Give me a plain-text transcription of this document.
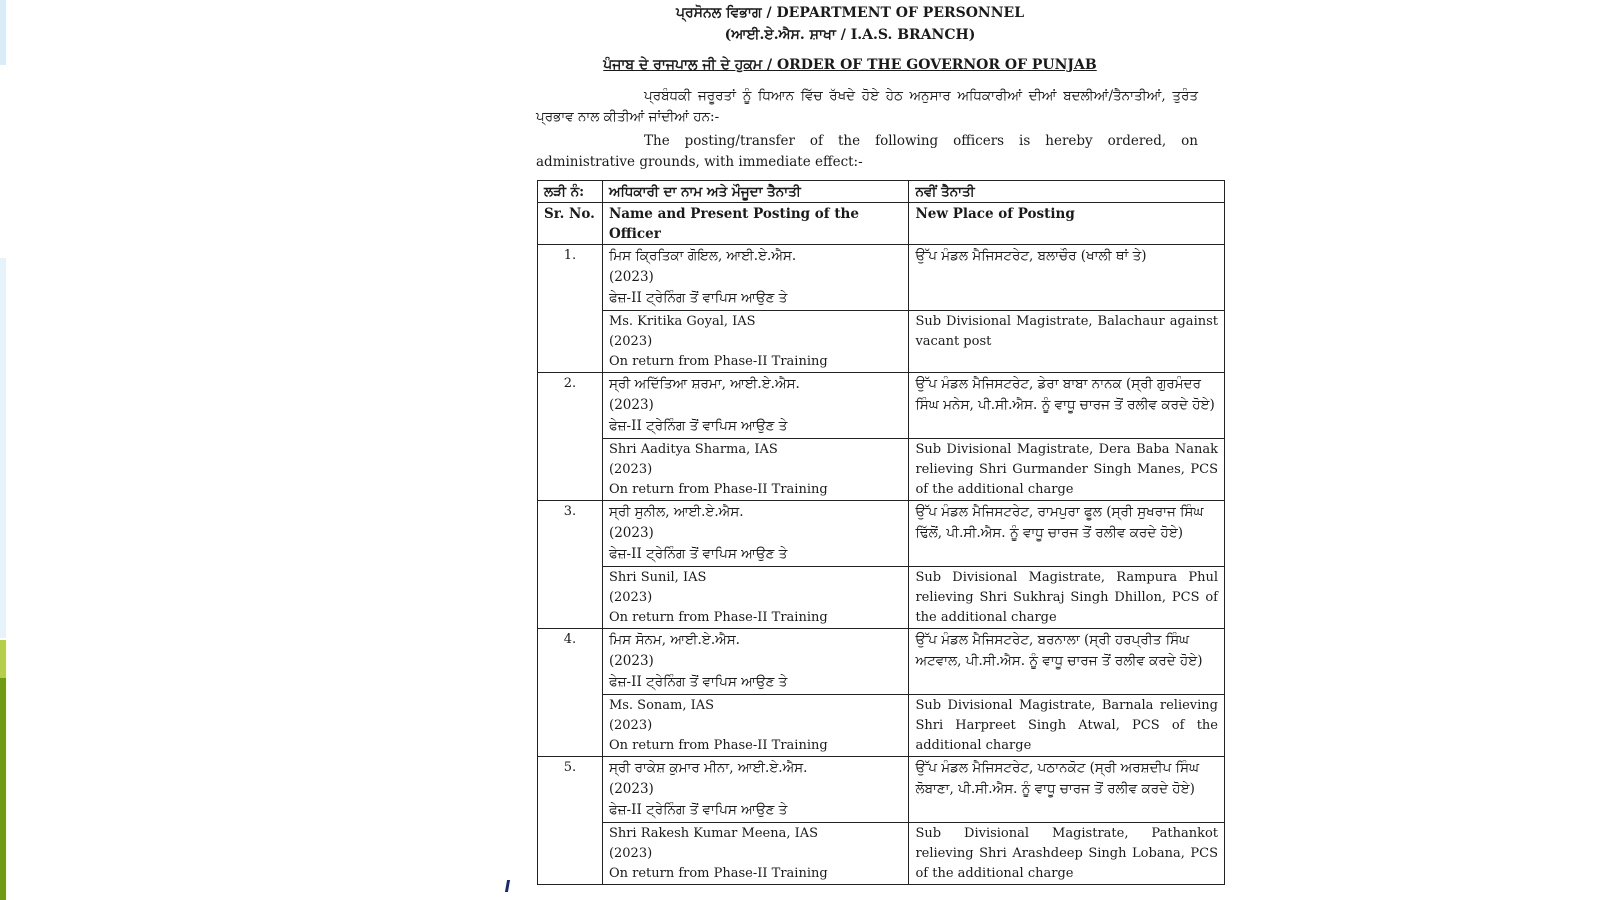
ਪ੍ਰਸੋਨਲ ਵਿਭਾਗ / DEPARTMENT OF PERSONNEL
(ਆਈ.ਏ.ਐਸ. ਸ਼ਾਖਾ / I.A.S. BRANCH)
ਪੰਜਾਬ ਦੇ ਰਾਜਪਾਲ ਜੀ ਦੇ ਹੁਕਮ / ORDER OF THE GOVERNOR OF PUNJAB
ਪ੍ਰਬੰਧਕੀ ਜਰੂਰਤਾਂ ਨੂੰ ਧਿਆਨ ਵਿੱਚ ਰੱਖਦੇ ਹੋਏ ਹੇਠ ਅਨੁਸਾਰ ਅਧਿਕਾਰੀਆਂ ਦੀਆਂ ਬਦਲੀਆਂ/ਤੈਨਾਤੀਆਂ, ਤੁਰੰਤ ਪ੍ਰਭਾਵ ਨਾਲ ਕੀਤੀਆਂ ਜਾਂਦੀਆਂ ਹਨ:-
The posting/transfer of the following officers is hereby ordered, on administrative grounds, with immediate effect:-
ਲੜੀ ਨੰ:	ਅਧਿਕਾਰੀ ਦਾ ਨਾਮ ਅਤੇ ਮੌਜੂਦਾ ਤੈਨਾਤੀ	ਨਵੀਂ ਤੈਨਾਤੀ
Sr. No.	Name and Present Posting of the Officer	New Place of Posting
1.	ਮਿਸ ਕ੍ਰਿਤਿਕਾ ਗੋਇਲ, ਆਈ.ਏ.ਐਸ.
(2023)
ਫੇਜ਼-II ਟ੍ਰੇਨਿੰਗ ਤੋਂ ਵਾਪਿਸ ਆਉਣ ਤੇ	ਉੱਪ ਮੰਡਲ ਮੈਜਿਸਟਰੇਟ, ਬਲਾਚੌਰ (ਖਾਲੀ ਥਾਂ ਤੇ)

	Ms. Kritika Goyal, IAS
(2023)
On return from Phase-II Training	Sub Divisional Magistrate, Balachaur against vacant post
2.	ਸ੍ਰੀ ਅਦਿੱਤਿਆ ਸ਼ਰਮਾ, ਆਈ.ਏ.ਐਸ.
(2023)
ਫੇਜ਼-II ਟ੍ਰੇਨਿੰਗ ਤੋਂ ਵਾਪਿਸ ਆਉਣ ਤੇ	ਉੱਪ ਮੰਡਲ ਮੈਜਿਸਟਰੇਟ, ਡੇਰਾ ਬਾਬਾ ਨਾਨਕ (ਸ੍ਰੀ ਗੁਰਮੰਦਰ ਸਿੰਘ ਮਨੇਸ, ਪੀ.ਸੀ.ਐਸ. ਨੂੰ ਵਾਧੂ ਚਾਰਜ ਤੋਂ ਰਲੀਵ ਕਰਦੇ ਹੋਏ)

	Shri Aaditya Sharma, IAS
(2023)
On return from Phase-II Training	Sub Divisional Magistrate, Dera Baba Nanak relieving Shri Gurmander Singh Manes, PCS of the additional charge
3.	ਸ੍ਰੀ ਸੁਨੀਲ, ਆਈ.ਏ.ਐਸ.
(2023)
ਫੇਜ਼-II ਟ੍ਰੇਨਿੰਗ ਤੋਂ ਵਾਪਿਸ ਆਉਣ ਤੇ	ਉੱਪ ਮੰਡਲ ਮੈਜਿਸਟਰੇਟ, ਰਾਮਪੁਰਾ ਫੂਲ (ਸ੍ਰੀ ਸੁਖਰਾਜ ਸਿੰਘ ਢਿੱਲੋਂ, ਪੀ.ਸੀ.ਐਸ. ਨੂੰ ਵਾਧੂ ਚਾਰਜ ਤੋਂ ਰਲੀਵ ਕਰਦੇ ਹੋਏ)

	Shri Sunil, IAS
(2023)
On return from Phase-II Training	Sub Divisional Magistrate, Rampura Phul relieving Shri Sukhraj Singh Dhillon, PCS of the additional charge
4.	ਮਿਸ ਸੋਨਮ, ਆਈ.ਏ.ਐਸ.
(2023)
ਫੇਜ਼-II ਟ੍ਰੇਨਿੰਗ ਤੋਂ ਵਾਪਿਸ ਆਉਣ ਤੇ	ਉੱਪ ਮੰਡਲ ਮੈਜਿਸਟਰੇਟ, ਬਰਨਾਲਾ (ਸ੍ਰੀ ਹਰਪ੍ਰੀਤ ਸਿੰਘ ਅਟਵਾਲ, ਪੀ.ਸੀ.ਐਸ. ਨੂੰ ਵਾਧੂ ਚਾਰਜ ਤੋਂ ਰਲੀਵ ਕਰਦੇ ਹੋਏ)

	Ms. Sonam, IAS
(2023)
On return from Phase-II Training	Sub Divisional Magistrate, Barnala relieving Shri Harpreet Singh Atwal, PCS of the additional charge
5.	ਸ੍ਰੀ ਰਾਕੇਸ਼ ਕੁਮਾਰ ਮੀਨਾ, ਆਈ.ਏ.ਐਸ.
(2023)
ਫੇਜ਼-II ਟ੍ਰੇਨਿੰਗ ਤੋਂ ਵਾਪਿਸ ਆਉਣ ਤੇ	ਉੱਪ ਮੰਡਲ ਮੈਜਿਸਟਰੇਟ, ਪਠਾਨਕੋਟ (ਸ੍ਰੀ ਅਰਸ਼ਦੀਪ ਸਿੰਘ ਲੋਬਾਣਾ, ਪੀ.ਸੀ.ਐਸ. ਨੂੰ ਵਾਧੂ ਚਾਰਜ ਤੋਂ ਰਲੀਵ ਕਰਦੇ ਹੋਏ)

	Shri Rakesh Kumar Meena, IAS
(2023)
On return from Phase-II Training	Sub Divisional Magistrate, Pathankot relieving Shri Arashdeep Singh Lobana, PCS of the additional charge
